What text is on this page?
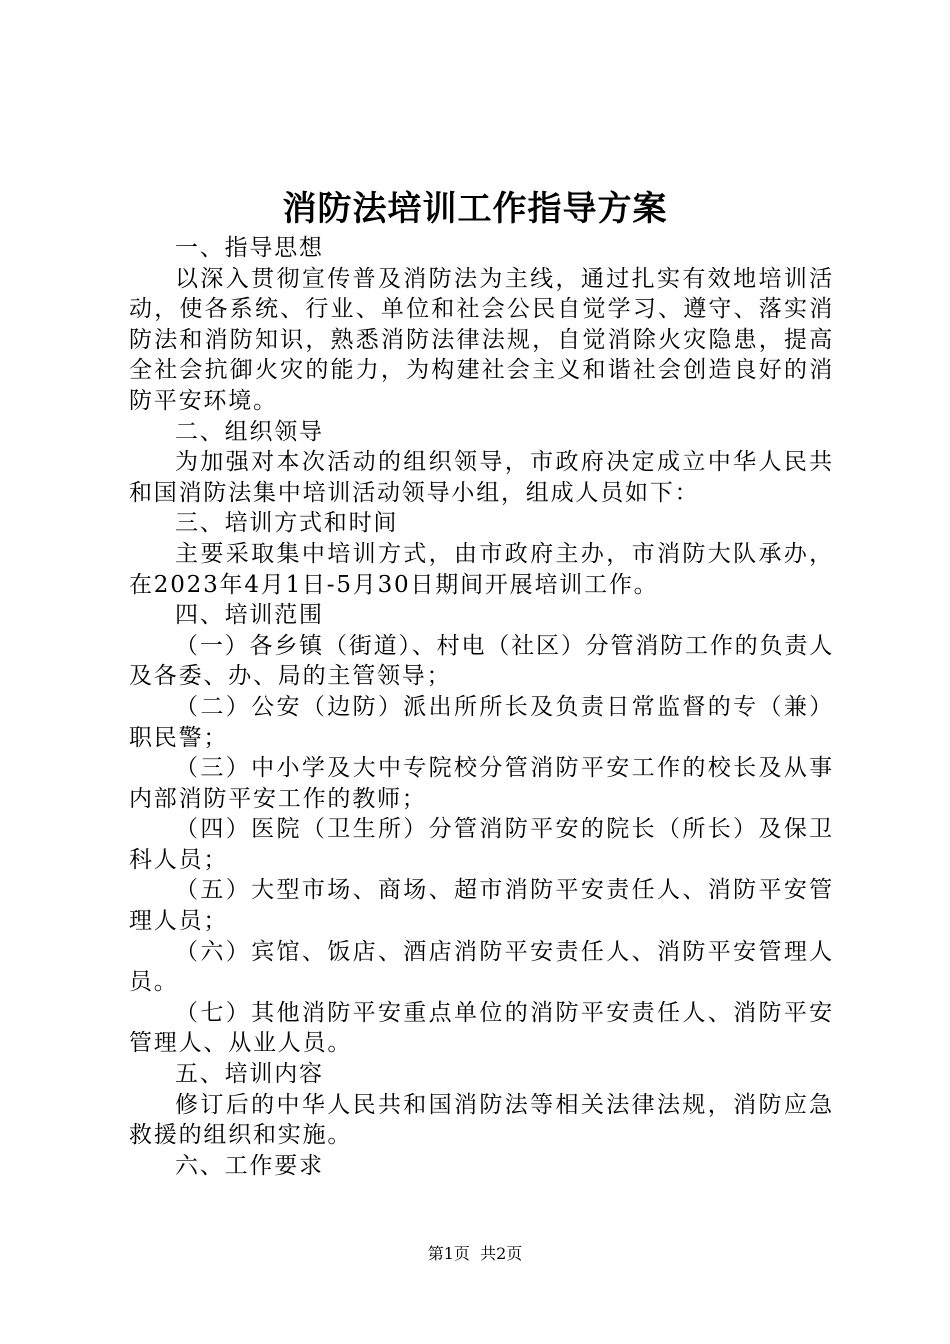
消防法培训工作指导方案

一、指导思想

以深入贯彻宣传普及消防法为主线，通过扎实有效地培训活动，使各系统、行业、单位和社会公民自觉学习、遵守、落实消防法和消防知识，熟悉消防法律法规，自觉消除火灾隐患，提高全社会抗御火灾的能力，为构建社会主义和谐社会创造良好的消防平安环境。

二、组织领导

为加强对本次活动的组织领导，市政府决定成立中华人民共和国消防法集中培训活动领导小组，组成人员如下：

三、培训方式和时间

主要采取集中培训方式，由市政府主办，市消防大队承办，在2023年4月1日-5月30日期间开展培训工作。

四、培训范围

（一）各乡镇（街道）、村电（社区）分管消防工作的负责人及各委、办、局的主管领导；

（二）公安（边防）派出所所长及负责日常监督的专（兼）职民警；

（三）中小学及大中专院校分管消防平安工作的校长及从事内部消防平安工作的教师；

（四）医院（卫生所）分管消防平安的院长（所长）及保卫科人员；

（五）大型市场、商场、超市消防平安责任人、消防平安管理人员；

（六）宾馆、饭店、酒店消防平安责任人、消防平安管理人员。

（七）其他消防平安重点单位的消防平安责任人、消防平安管理人、从业人员。

五、培训内容

修订后的中华人民共和国消防法等相关法律法规，消防应急救援的组织和实施。

六、工作要求

第1页 共2页
